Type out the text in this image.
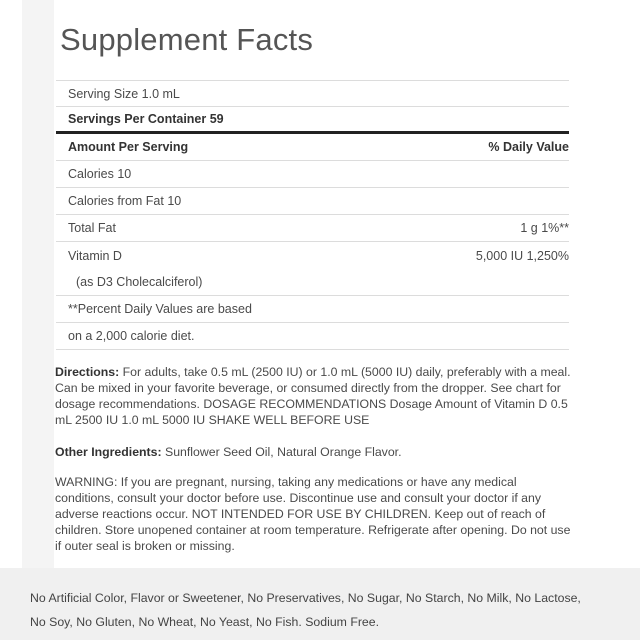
Supplement Facts
Serving Size 1.0 mL
Servings Per Container 59
Amount Per Serving	% Daily Value
Calories 10
Calories from Fat 10
Total Fat	1 g 1%**
Vitamin D	5,000 IU 1,250%
(as D3 Cholecalciferol)
**Percent Daily Values are based
on a 2,000 calorie diet.
Directions: For adults, take 0.5 mL (2500 IU) or 1.0 mL (5000 IU) daily, preferably with a meal. Can be mixed in your favorite beverage, or consumed directly from the dropper. See chart for dosage recommendations. DOSAGE RECOMMENDATIONS Dosage Amount of Vitamin D 0.5 mL 2500 IU 1.0 mL 5000 IU SHAKE WELL BEFORE USE
Other Ingredients: Sunflower Seed Oil, Natural Orange Flavor.
WARNING: If you are pregnant, nursing, taking any medications or have any medical conditions, consult your doctor before use. Discontinue use and consult your doctor if any adverse reactions occur. NOT INTENDED FOR USE BY CHILDREN. Keep out of reach of children. Store unopened container at room temperature. Refrigerate after opening. Do not use if outer seal is broken or missing.
No Artificial Color, Flavor or Sweetener, No Preservatives, No Sugar, No Starch, No Milk, No Lactose,
No Soy, No Gluten, No Wheat, No Yeast, No Fish. Sodium Free.
